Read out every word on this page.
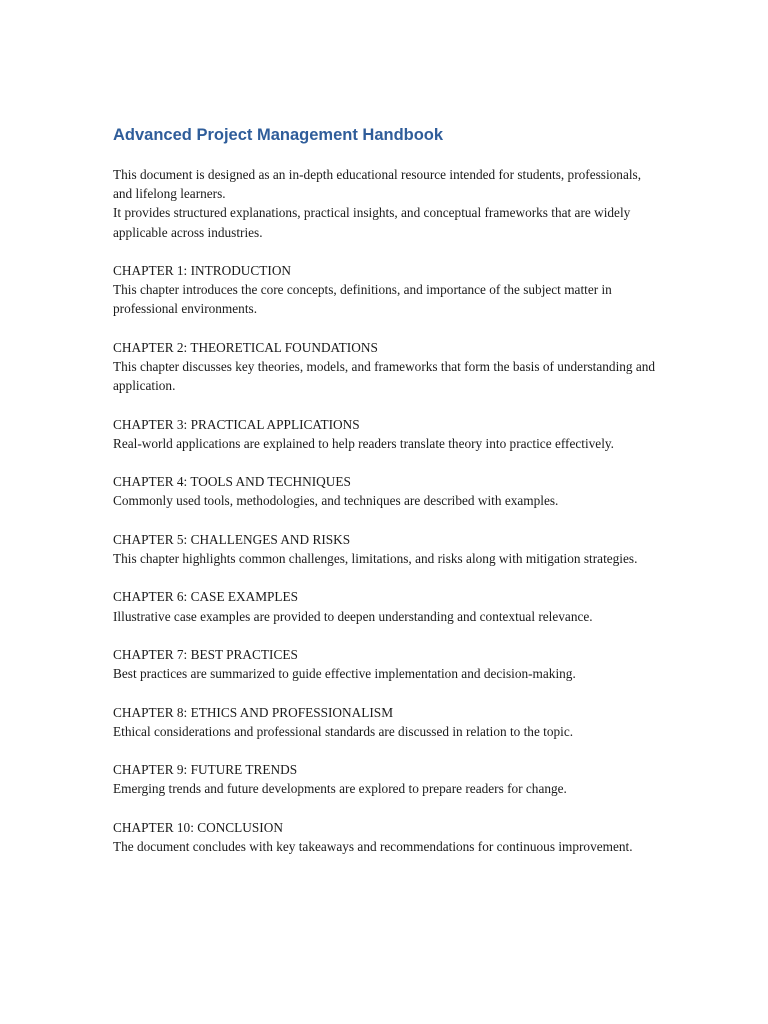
Advanced Project Management Handbook

This document is designed as an in-depth educational resource intended for students, professionals, and lifelong learners.

It provides structured explanations, practical insights, and conceptual frameworks that are widely applicable across industries.

CHAPTER 1: INTRODUCTION

This chapter introduces the core concepts, definitions, and importance of the subject matter in professional environments.

CHAPTER 2: THEORETICAL FOUNDATIONS

This chapter discusses key theories, models, and frameworks that form the basis of understanding and application.

CHAPTER 3: PRACTICAL APPLICATIONS

Real-world applications are explained to help readers translate theory into practice effectively.

CHAPTER 4: TOOLS AND TECHNIQUES

Commonly used tools, methodologies, and techniques are described with examples.

CHAPTER 5: CHALLENGES AND RISKS

This chapter highlights common challenges, limitations, and risks along with mitigation strategies.

CHAPTER 6: CASE EXAMPLES

Illustrative case examples are provided to deepen understanding and contextual relevance.

CHAPTER 7: BEST PRACTICES

Best practices are summarized to guide effective implementation and decision-making.

CHAPTER 8: ETHICS AND PROFESSIONALISM

Ethical considerations and professional standards are discussed in relation to the topic.

CHAPTER 9: FUTURE TRENDS

Emerging trends and future developments are explored to prepare readers for change.

CHAPTER 10: CONCLUSION

The document concludes with key takeaways and recommendations for continuous improvement.
